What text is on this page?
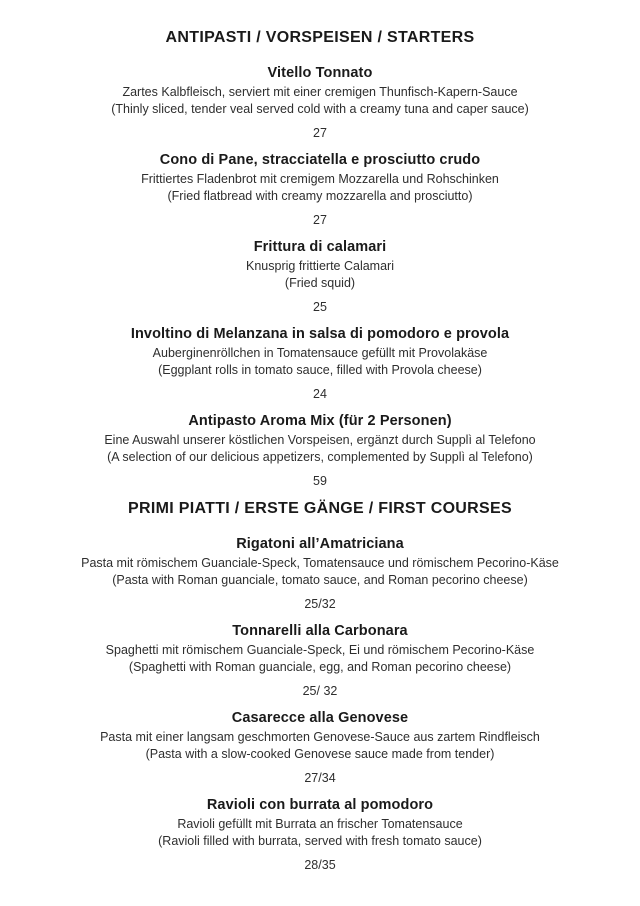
ANTIPASTI / VORSPEISEN / STARTERS
Vitello Tonnato

Zartes Kalbfleisch, serviert mit einer cremigen Thunfisch-Kapern-Sauce

(Thinly sliced, tender veal served cold with a creamy tuna and caper sauce)

27

Cono di Pane, stracciatella e prosciutto crudo

Frittiertes Fladenbrot mit cremigem Mozzarella und Rohschinken

(Fried flatbread with creamy mozzarella and prosciutto)

27

Frittura di calamari

Knusprig frittierte Calamari

(Fried squid)

25

Involtino di Melanzana in salsa di pomodoro e provola

Auberginenröllchen in Tomatensauce gefüllt mit Provolakäse

(Eggplant rolls in tomato sauce, filled with Provola cheese)

24

Antipasto Aroma Mix (für 2 Personen)

Eine Auswahl unserer köstlichen Vorspeisen, ergänzt durch Supplì al Telefono

(A selection of our delicious appetizers, complemented by Supplì al Telefono)

59

PRIMI PIATTI / ERSTE GÄNGE / FIRST COURSES
Rigatoni all’Amatriciana

Pasta mit römischem Guanciale-Speck, Tomatensauce und römischem Pecorino-Käse

(Pasta with Roman guanciale, tomato sauce, and Roman pecorino cheese)

25/32

Tonnarelli alla Carbonara

Spaghetti mit römischem Guanciale-Speck, Ei und römischem Pecorino-Käse

(Spaghetti with Roman guanciale, egg, and Roman pecorino cheese)

25/ 32

Casarecce alla Genovese

Pasta mit einer langsam geschmorten Genovese-Sauce aus zartem Rindfleisch

(Pasta with a slow-cooked Genovese sauce made from tender)

27/34

Ravioli con burrata al pomodoro

Ravioli gefüllt mit Burrata an frischer Tomatensauce

(Ravioli filled with burrata, served with fresh tomato sauce)

28/35
